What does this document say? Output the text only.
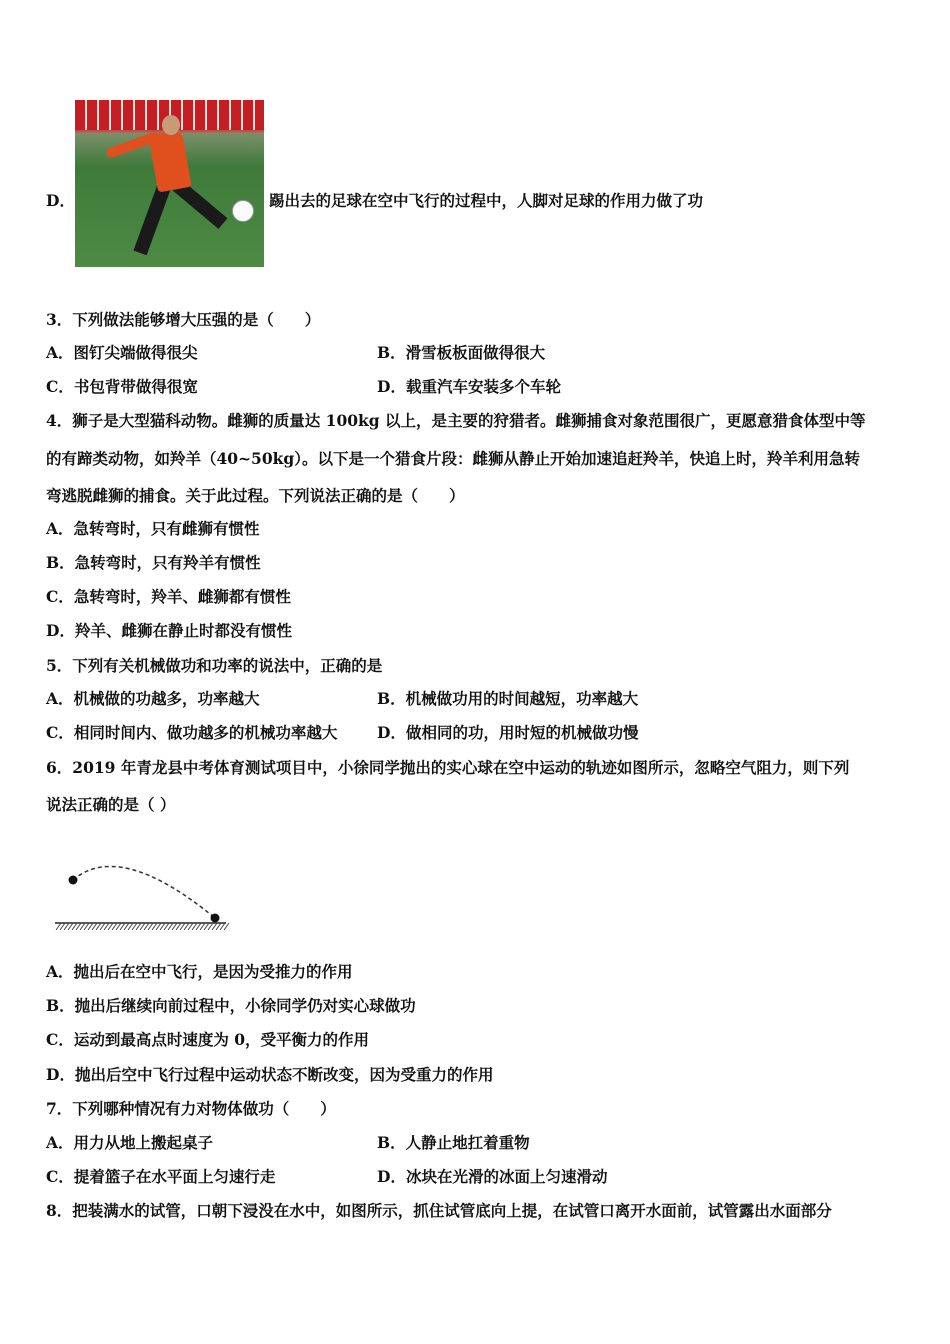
D．	踢出去的足球在空中飞行的过程中，人脚对足球的作用力做了功
3．下列做法能够增大压强的是（　　）
A．图钉尖端做得很尖	B．滑雪板板面做得很大
C．书包背带做得很宽	D．载重汽车安装多个车轮
4．狮子是大型猫科动物。雌狮的质量达 100kg 以上，是主要的狩猎者。雌狮捕食对象范围很广，更愿意猎食体型中等
的有蹄类动物，如羚羊（40~50kg）。以下是一个猎食片段：雌狮从静止开始加速追赶羚羊，快追上时，羚羊利用急转
弯逃脱雌狮的捕食。关于此过程。下列说法正确的是（　　）
A．急转弯时，只有雌狮有惯性
B．急转弯时，只有羚羊有惯性
C．急转弯时，羚羊、雌狮都有惯性
D．羚羊、雌狮在静止时都没有惯性
5．下列有关机械做功和功率的说法中，正确的是
A．机械做的功越多，功率越大	B．机械做功用的时间越短，功率越大
C．相同时间内、做功越多的机械功率越大	D．做相同的功，用时短的机械做功慢
6．2019 年青龙县中考体育测试项目中，小徐同学抛出的实心球在空中运动的轨迹如图所示，忽略空气阻力，则下列
说法正确的是（ ）
A．抛出后在空中飞行，是因为受推力的作用
B．抛出后继续向前过程中，小徐同学仍对实心球做功
C．运动到最高点时速度为 0，受平衡力的作用
D．抛出后空中飞行过程中运动状态不断改变，因为受重力的作用
7．下列哪种情况有力对物体做功（　　）
A．用力从地上搬起桌子	B．人静止地扛着重物
C．提着篮子在水平面上匀速行走	D．冰块在光滑的冰面上匀速滑动
8．把装满水的试管，口朝下浸没在水中，如图所示，抓住试管底向上提，在试管口离开水面前，试管露出水面部分
